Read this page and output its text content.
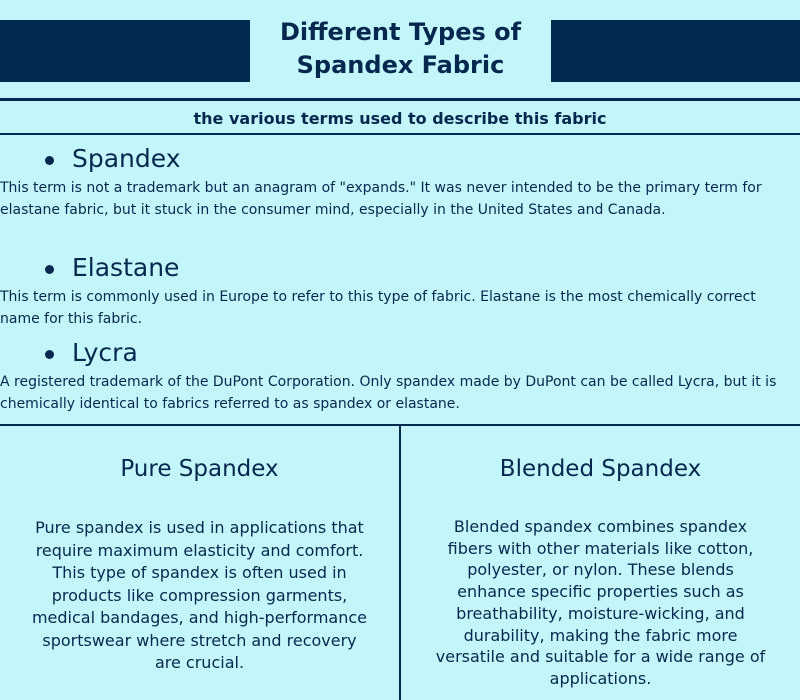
Different Types of
Spandex Fabric
the various terms used to describe this fabric
Spandex

This term is not a trademark but an anagram of "expands." It was never intended to be the primary term for elastane fabric, but it stuck in the consumer mind, especially in the United States and Canada.

Elastane

This term is commonly used in Europe to refer to this type of fabric. Elastane is the most chemically correct name for this fabric.

Lycra

A registered trademark of the DuPont Corporation. Only spandex made by DuPont can be called Lycra, but it is chemically identical to fabrics referred to as spandex or elastane.

Pure Spandex
Pure spandex is used in applications that require maximum elasticity and comfort. This type of spandex is often used in products like compression garments, medical bandages, and high-performance sportswear where stretch and recovery are crucial.
Blended Spandex
Blended spandex combines spandex fibers with other materials like cotton, polyester, or nylon. These blends enhance specific properties such as breathability, moisture-wicking, and durability, making the fabric more versatile and suitable for a wide range of applications.
